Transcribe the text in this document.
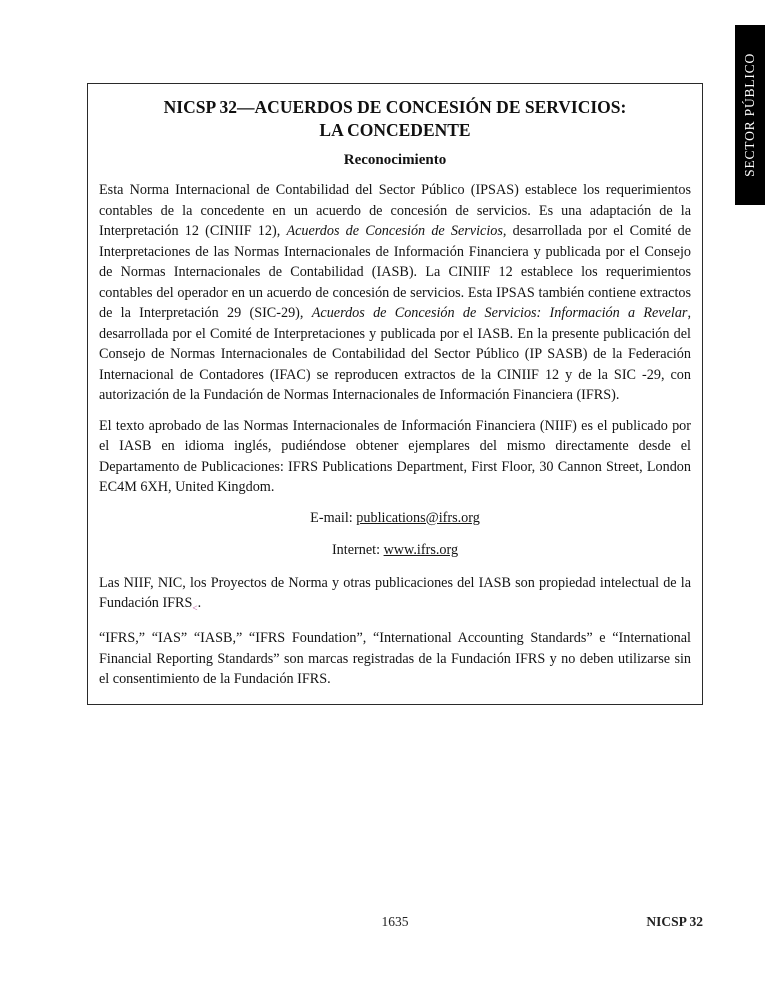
SECTOR PÚBLICO
NICSP 32—ACUERDOS DE CONCESIÓN DE SERVICIOS:
LA CONCEDENTE
Reconocimiento

Esta Norma Internacional de Contabilidad del Sector Público (IPSAS) establece los requerimientos contables de la concedente en un acuerdo de concesión de servicios. Es una adaptación de la Interpretación 12 (CINIIF 12), Acuerdos de Concesión de Servicios, desarrollada por el Comité de Interpretaciones de las Normas Internacionales de Información Financiera y publicada por el Consejo de Normas Internacionales de Contabilidad (IASB). La CINIIF 12 establece los requerimientos contables del operador en un acuerdo de concesión de servicios. Esta IPSAS también contiene extractos de la Interpretación 29 (SIC-29), Acuerdos de Concesión de Servicios: Información a Revelar, desarrollada por el Comité de Interpretaciones y publicada por el IASB. En la presente publicación del Consejo de Normas Internacionales de Contabilidad del Sector Público (IP SASB) de la Federación Internacional de Contadores (IFAC) se reproducen extractos de la CINIIF 12 y de la SIC -29, con autorización de la Fundación de Normas Internacionales de Información Financiera (IFRS).

El texto aprobado de las Normas Internacionales de Información Financiera (NIIF) es el publicado por el IASB en idioma inglés, pudiéndose obtener ejemplares del mismo directamente desde el Departamento de Publicaciones: IFRS Publications Department, First Floor, 30 Cannon Street, London EC4M 6XH, United Kingdom.

E-mail: publications@ifrs.org

Internet: www.ifrs.org

Las NIIF, NIC, los Proyectos de Norma y otras publicaciones del IASB son propiedad intelectual de la Fundación $IFRS_<$.

“IFRS,” “IAS” “IASB,” “IFRS Foundation”, “International Accounting Standards” e “International Financial Reporting Standards” son marcas registradas de la Fundación IFRS y no deben utilizarse sin el consentimiento de la Fundación IFRS.

1635	NICSP 32
